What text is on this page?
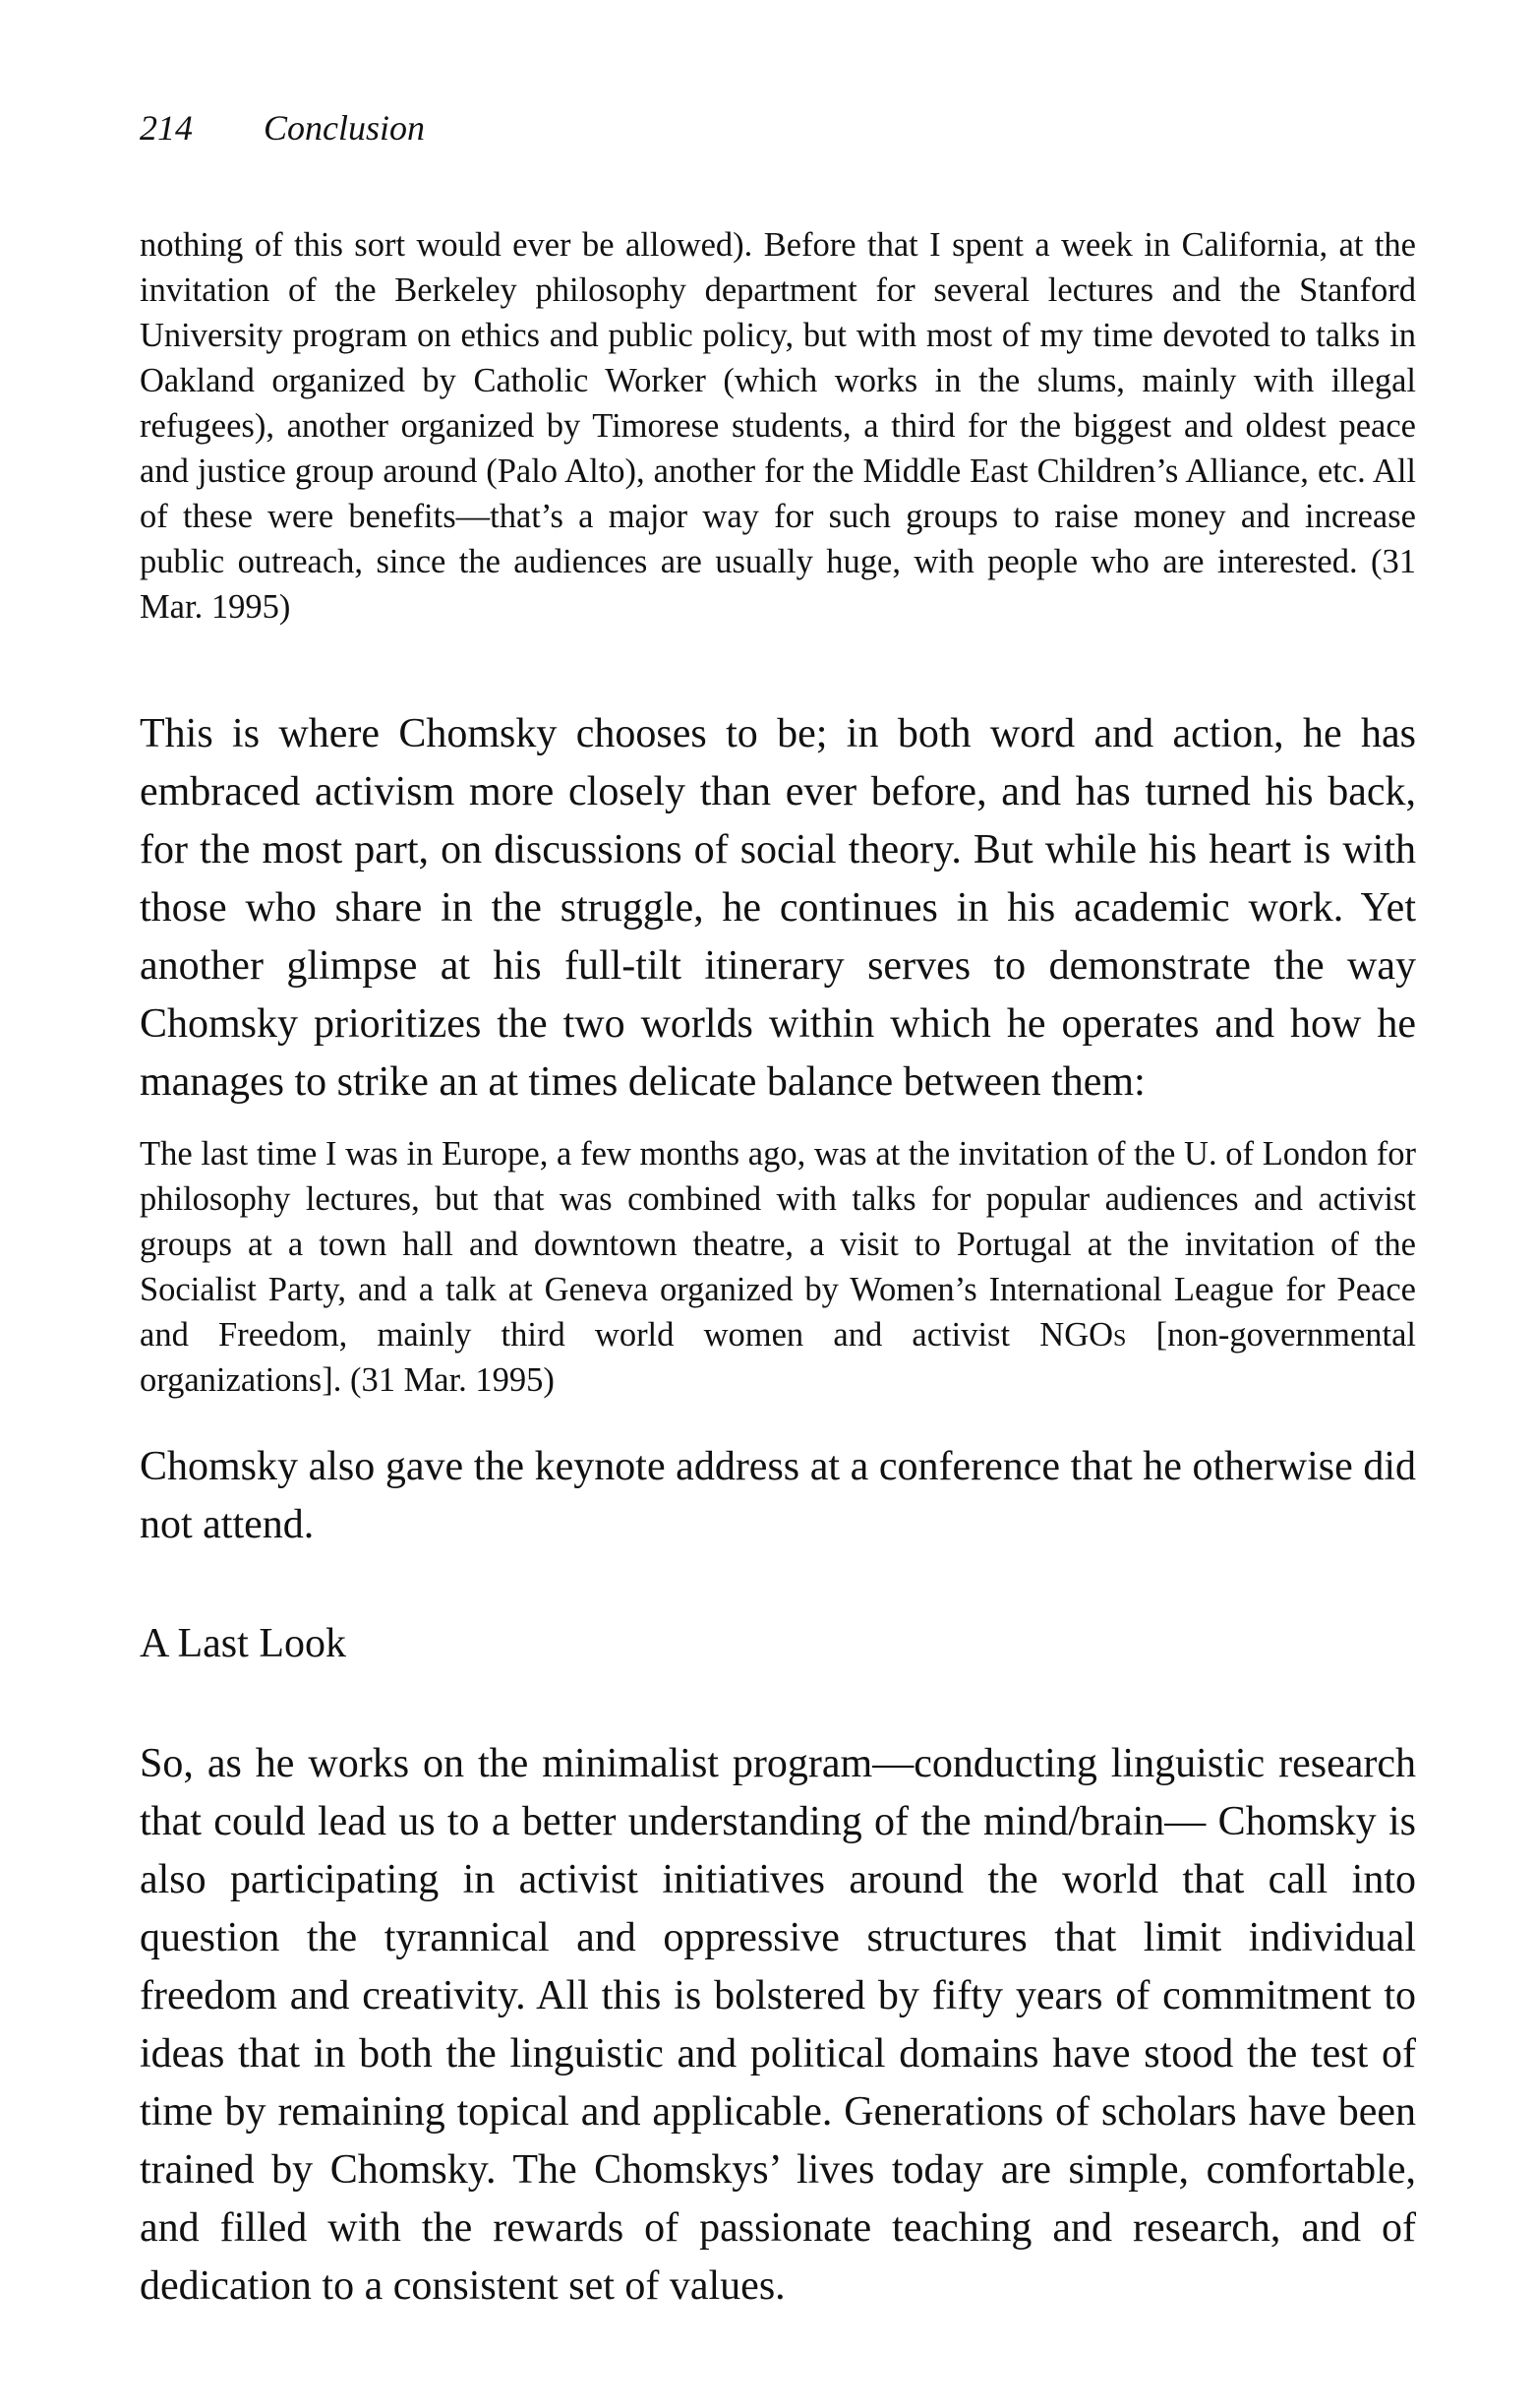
214 Conclusion

nothing of this sort would ever be allowed). Before that I spent a week in California, at the invitation of the Berkeley philosophy department for several lectures and the Stanford University program on ethics and public policy, but with most of my time devoted to talks in Oakland organized by Catholic Worker (which works in the slums, mainly with illegal refugees), another organized by Timorese students, a third for the biggest and oldest peace and justice group around (Palo Alto), another for the Middle East Children’s Alliance, etc. All of these were benefits—that’s a major way for such groups to raise money and increase public outreach, since the audiences are usually huge, with people who are interested. (31 Mar. 1995)

This is where Chomsky chooses to be; in both word and action, he has embraced activism more closely than ever before, and has turned his back, for the most part, on discussions of social theory. But while his heart is with those who share in the struggle, he continues in his academic work. Yet another glimpse at his full-tilt itinerary serves to demonstrate the way Chomsky prioritizes the two worlds within which he operates and how he manages to strike an at times delicate balance between them:

The last time I was in Europe, a few months ago, was at the invitation of the U. of London for philosophy lectures, but that was combined with talks for popular audiences and activist groups at a town hall and downtown theatre, a visit to Portugal at the invitation of the Socialist Party, and a talk at Geneva organized by Women’s International League for Peace and Freedom, mainly third world women and activist NGOs [non-governmental organizations]. (31 Mar. 1995)

Chomsky also gave the keynote address at a conference that he otherwise did not attend.

A Last Look

So, as he works on the minimalist program—conducting linguistic research that could lead us to a better understanding of the mind/brain— Chomsky is also participating in activist initiatives around the world that call into question the tyrannical and oppressive structures that limit individual freedom and creativity. All this is bolstered by fifty years of commitment to ideas that in both the linguistic and political domains have stood the test of time by remaining topical and applicable. Generations of scholars have been trained by Chomsky. The Chomskys’ lives today are simple, comfortable, and filled with the rewards of passionate teaching and research, and of dedication to a consistent set of values.
